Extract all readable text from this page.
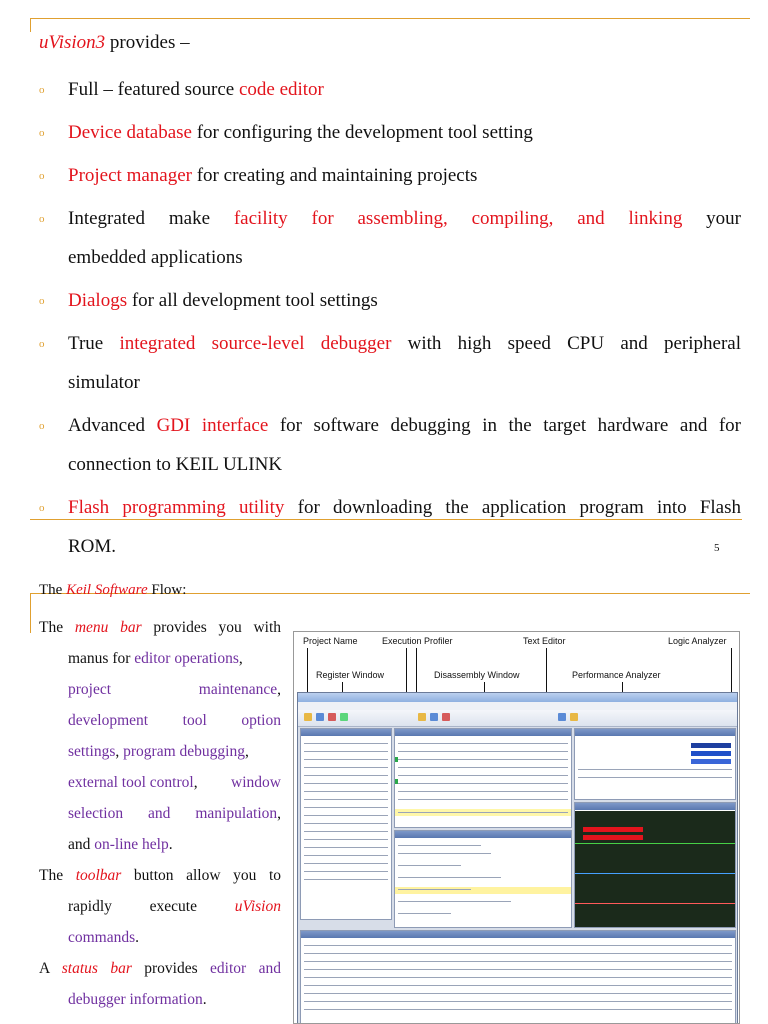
uVision3 provides –

o Full – featured source code editor
o Device database for configuring the development tool setting
o Project manager for creating and maintaining projects
o Integrated make facility for assembling, compiling, and linking your
embedded applications
o Dialogs for all development tool settings
o True integrated source-level debugger with high speed CPU and peripheral
simulator
o Advanced GDI interface for software debugging in the target hardware and for
connection to KEIL ULINK
o Flash programming utility for downloading the application program into Flash
ROM.	5

The Keil Software Flow:

The menu bar provides you with
manus for editor operations,
project	maintenance,
development tool option
settings, program debugging,
external tool control, window
selection and manipulation,
and on-line help.
The toolbar button allow you to
rapidly execute uVision
commands.
A status bar provides editor and
debugger information.
Project Name	Execution Profiler	Text Editor	Logic Analyzer
Register Window	Disassembly Window	Performance Analyzer
